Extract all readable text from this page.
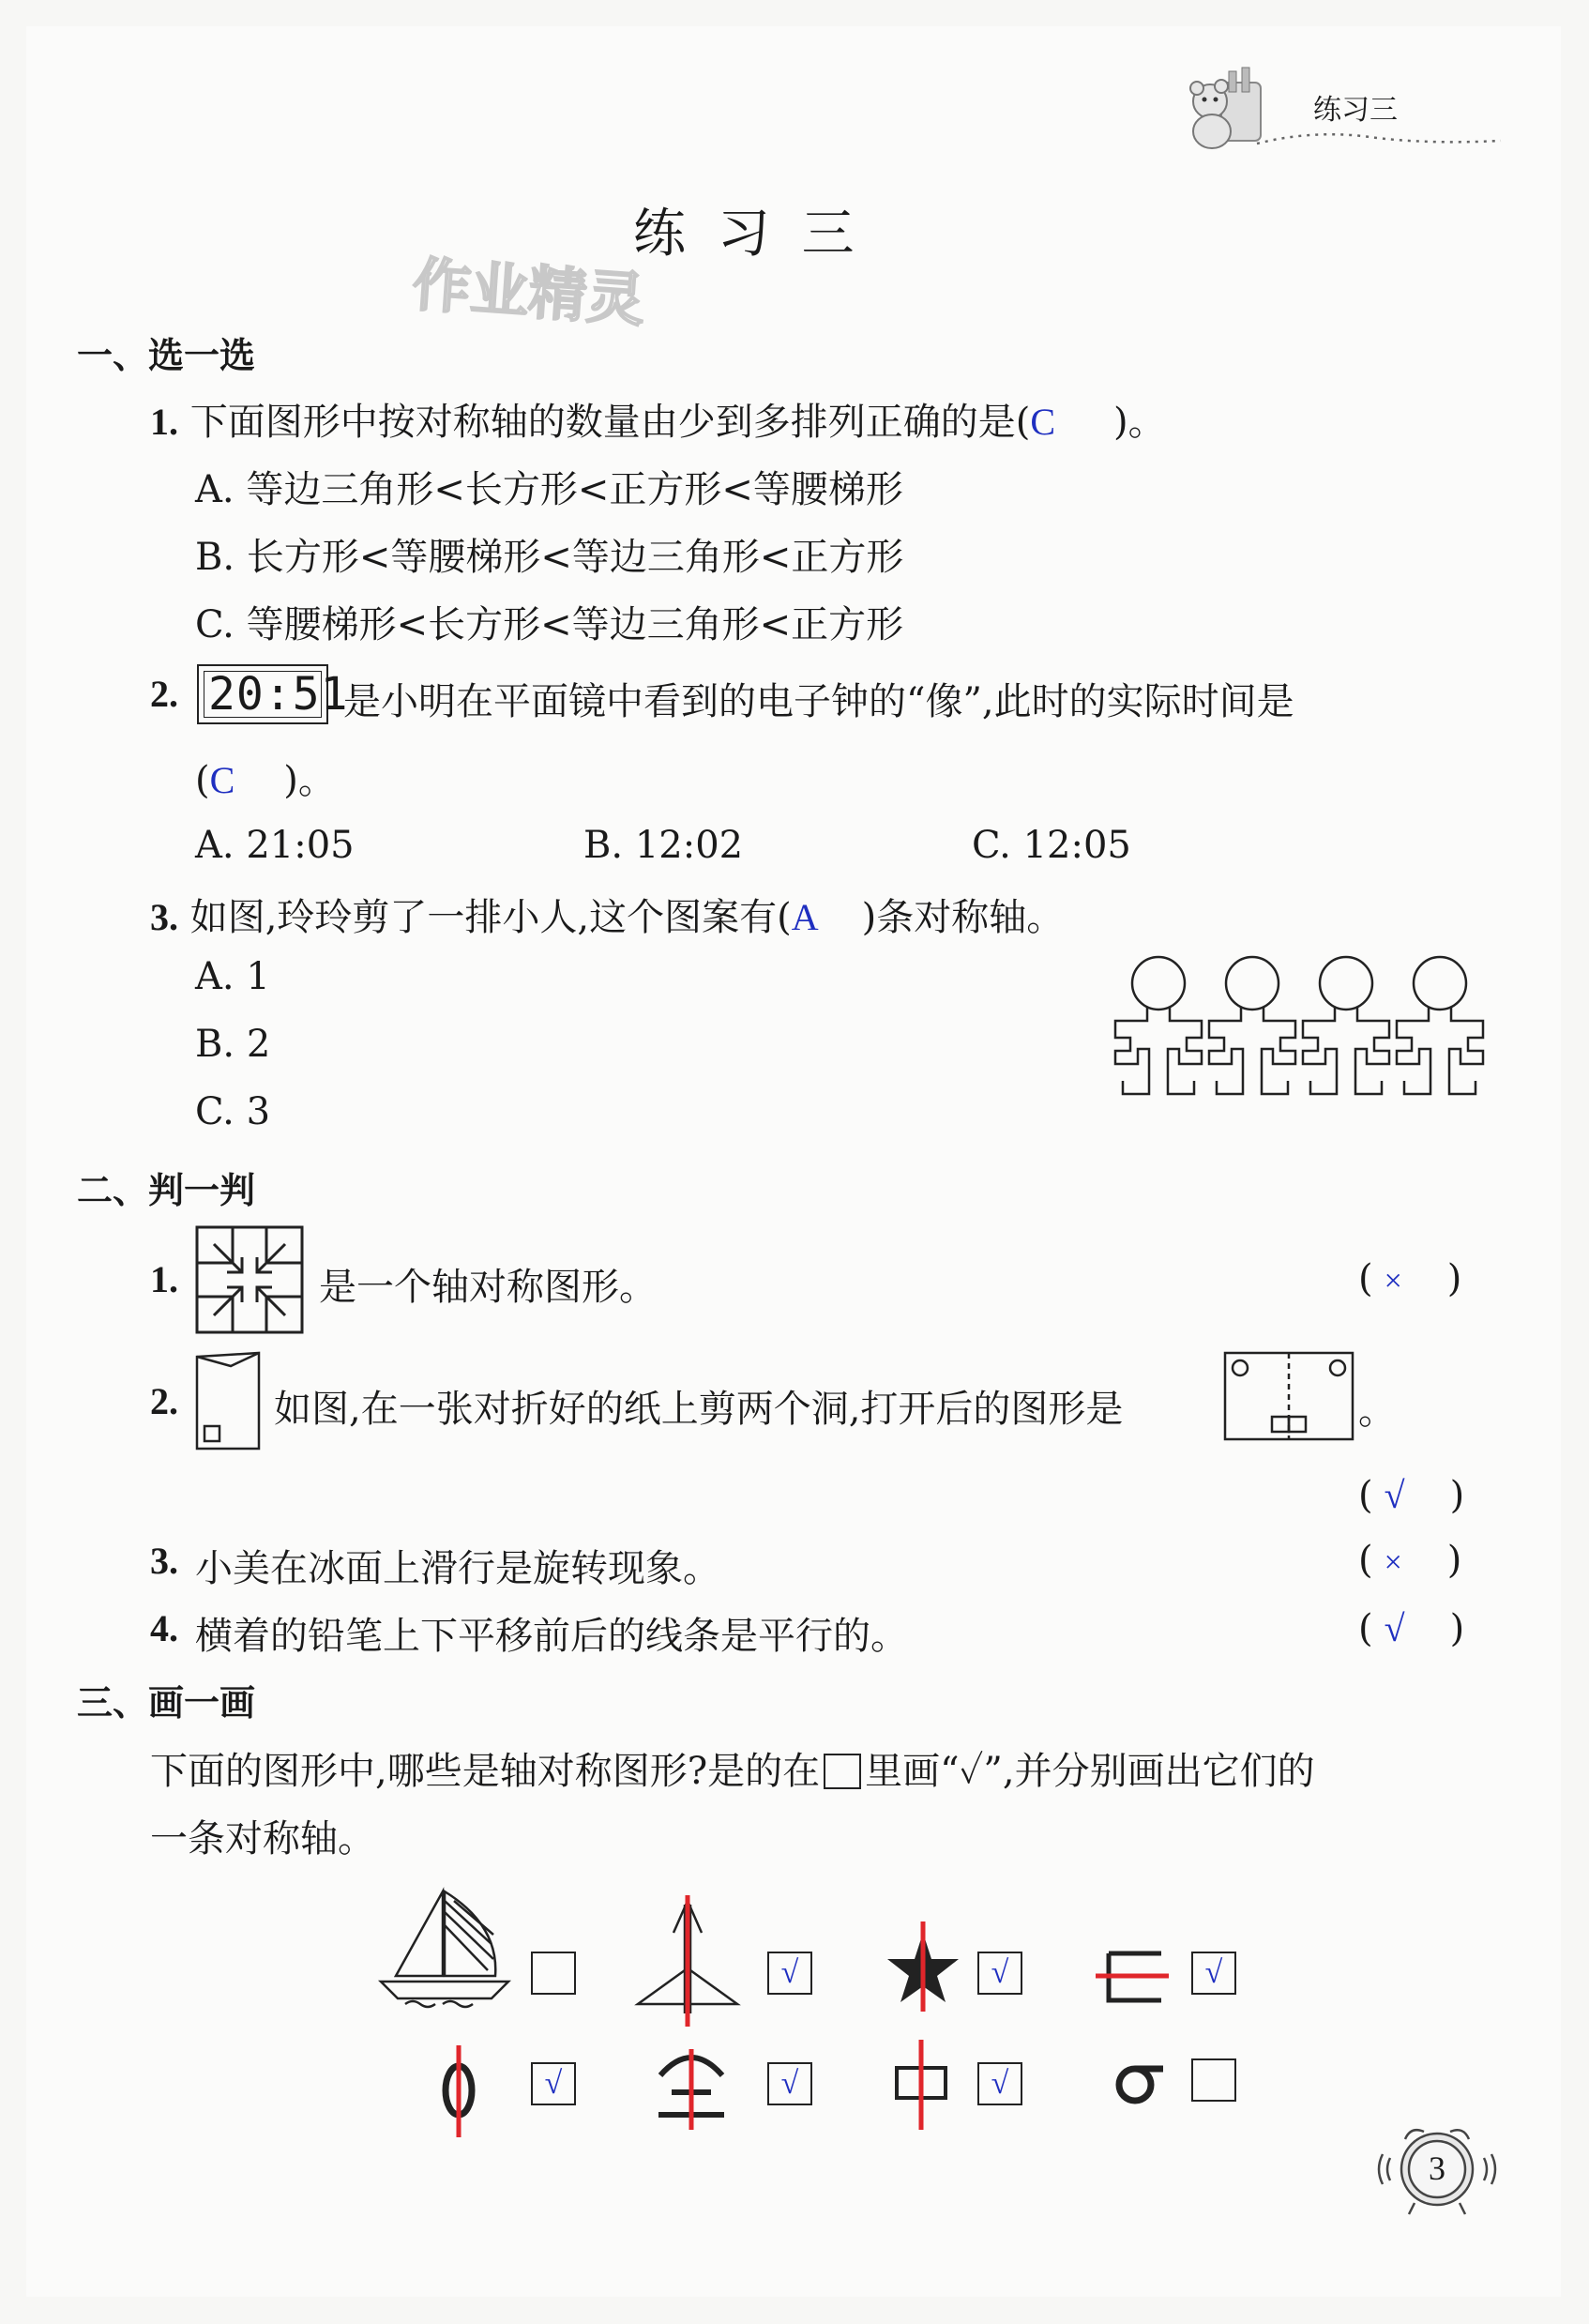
练习三
练 习 三
作业精灵
一、选一选
1. 下面图形中按对称轴的数量由少到多排列正确的是(C )。
A. 等边三角形<长方形<正方形<等腰梯形
B. 长方形<等腰梯形<等边三角形<正方形
C. 等腰梯形<长方形<等边三角形<正方形
2. 20:51
是小明在平面镜中看到的电子钟的“像”,此时的实际时间是
(C )。
A. 21:05	B. 12:02	C. 12:05
3. 如图,玲玲剪了一排小人,这个图案有(A )条对称轴。
A. 1
B. 2
C. 3
二、判一判
1.	是一个轴对称图形。	( × )
2.	如图,在一张对折好的纸上剪两个洞,打开后的图形是	。
( √ )
3. 小美在冰面上滑行是旋转现象。	( × )
4. 横着的铅笔上下平移前后的线条是平行的。	( √ )
三、画一画
下面的图形中,哪些是轴对称图形?是的在 里画“✓”,并分别画出它们的
一条对称轴。
√	√	√
√	√	√
3
